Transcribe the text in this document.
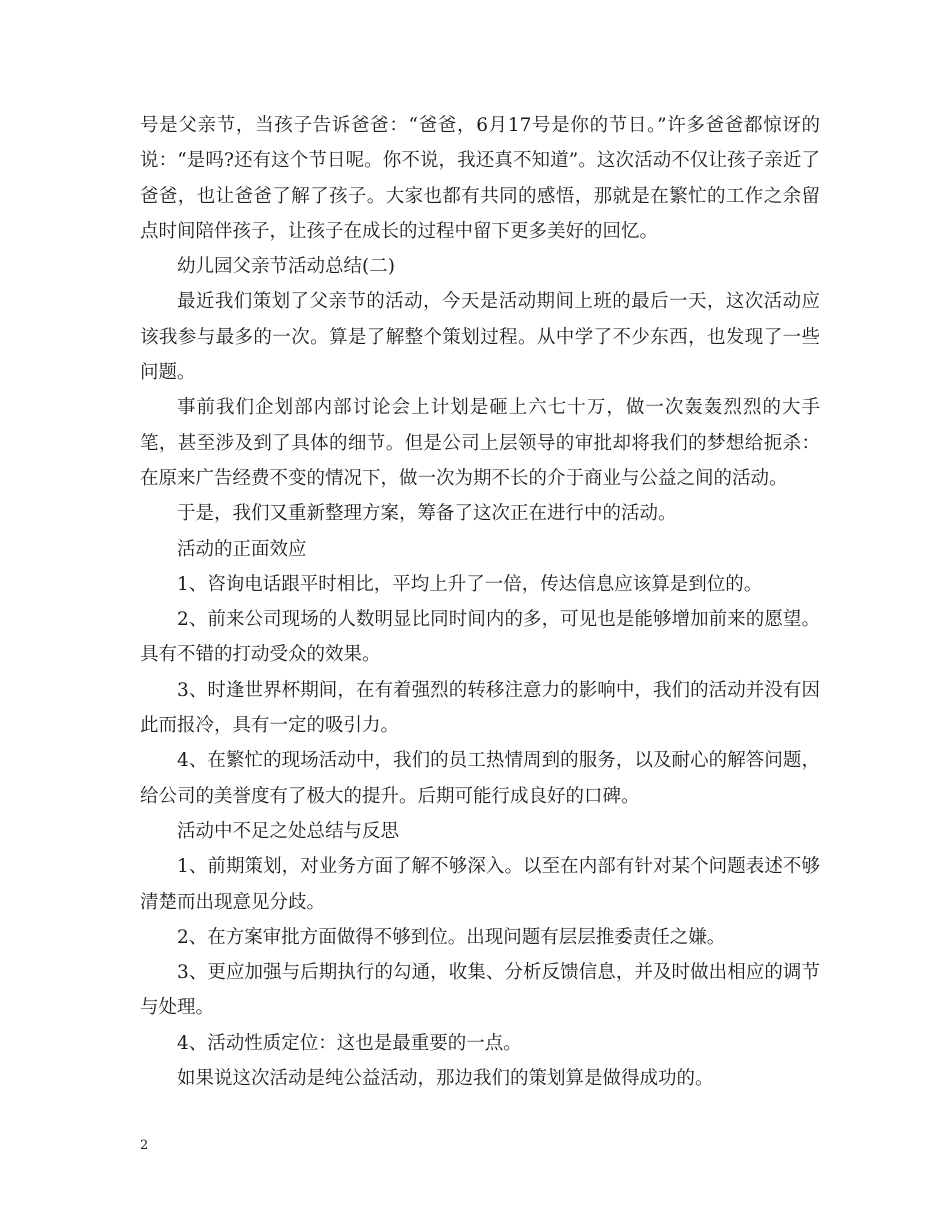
号是父亲节，当孩子告诉爸爸：“爸爸，6月17号是你的节日。”许多爸爸都惊讶的说：“是吗?还有这个节日呢。你不说，我还真不知道”。这次活动不仅让孩子亲近了爸爸，也让爸爸了解了孩子。大家也都有共同的感悟，那就是在繁忙的工作之余留点时间陪伴孩子，让孩子在成长的过程中留下更多美好的回忆。

幼儿园父亲节活动总结(二)

最近我们策划了父亲节的活动，今天是活动期间上班的最后一天，这次活动应该我参与最多的一次。算是了解整个策划过程。从中学了不少东西，也发现了一些问题。

事前我们企划部内部讨论会上计划是砸上六七十万，做一次轰轰烈烈的大手笔，甚至涉及到了具体的细节。但是公司上层领导的审批却将我们的梦想给扼杀：在原来广告经费不变的情况下，做一次为期不长的介于商业与公益之间的活动。

于是，我们又重新整理方案，筹备了这次正在进行中的活动。

活动的正面效应

1、咨询电话跟平时相比，平均上升了一倍，传达信息应该算是到位的。

2、前来公司现场的人数明显比同时间内的多，可见也是能够增加前来的愿望。具有不错的打动受众的效果。

3、时逢世界杯期间，在有着强烈的转移注意力的影响中，我们的活动并没有因此而报冷，具有一定的吸引力。

4、在繁忙的现场活动中，我们的员工热情周到的服务，以及耐心的解答问题，给公司的美誉度有了极大的提升。后期可能行成良好的口碑。

活动中不足之处总结与反思

1、前期策划，对业务方面了解不够深入。以至在内部有针对某个问题表述不够清楚而出现意见分歧。

2、在方案审批方面做得不够到位。出现问题有层层推委责任之嫌。

3、更应加强与后期执行的勾通，收集、分析反馈信息，并及时做出相应的调节与处理。

4、活动性质定位：这也是最重要的一点。

如果说这次活动是纯公益活动，那边我们的策划算是做得成功的。

2
